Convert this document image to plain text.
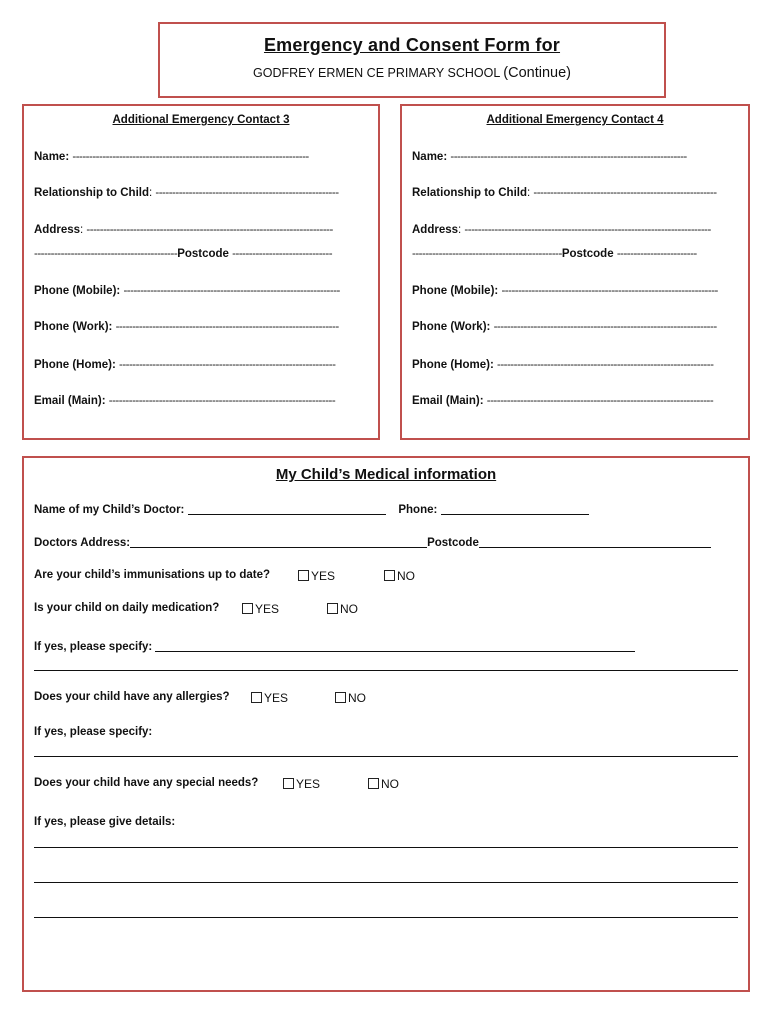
Emergency and Consent Form for
GODFREY ERMEN CE PRIMARY SCHOOL (Continue)
Additional Emergency Contact 3
Name: -----------------------------------------------------------------------
Relationship to Child: -------------------------------------------------------
Address: --------------------------------------------------------------------------
-------------------------------------------Postcode ------------------------------
Phone (Mobile): -----------------------------------------------------------------
Phone (Work): -------------------------------------------------------------------
Phone (Home): -----------------------------------------------------------------
Email (Main): --------------------------------------------------------------------
Additional Emergency Contact 4
Name: -----------------------------------------------------------------------
Relationship to Child: -------------------------------------------------------
Address: --------------------------------------------------------------------------
---------------------------------------------Postcode ------------------------
Phone (Mobile): -----------------------------------------------------------------
Phone (Work): -------------------------------------------------------------------
Phone (Home): -----------------------------------------------------------------
Email (Main): --------------------------------------------------------------------
My Child’s Medical information
Name of my Child’s Doctor:	Phone:
Doctors Address:	Postcode
Are your child’s immunisations up to date?	YES	NO
Is your child on daily medication?	YES	NO
If yes, please specify:
Does your child have any allergies?	YES	NO
If yes, please specify:
Does your child have any special needs?	YES	NO
If yes, please give details:
